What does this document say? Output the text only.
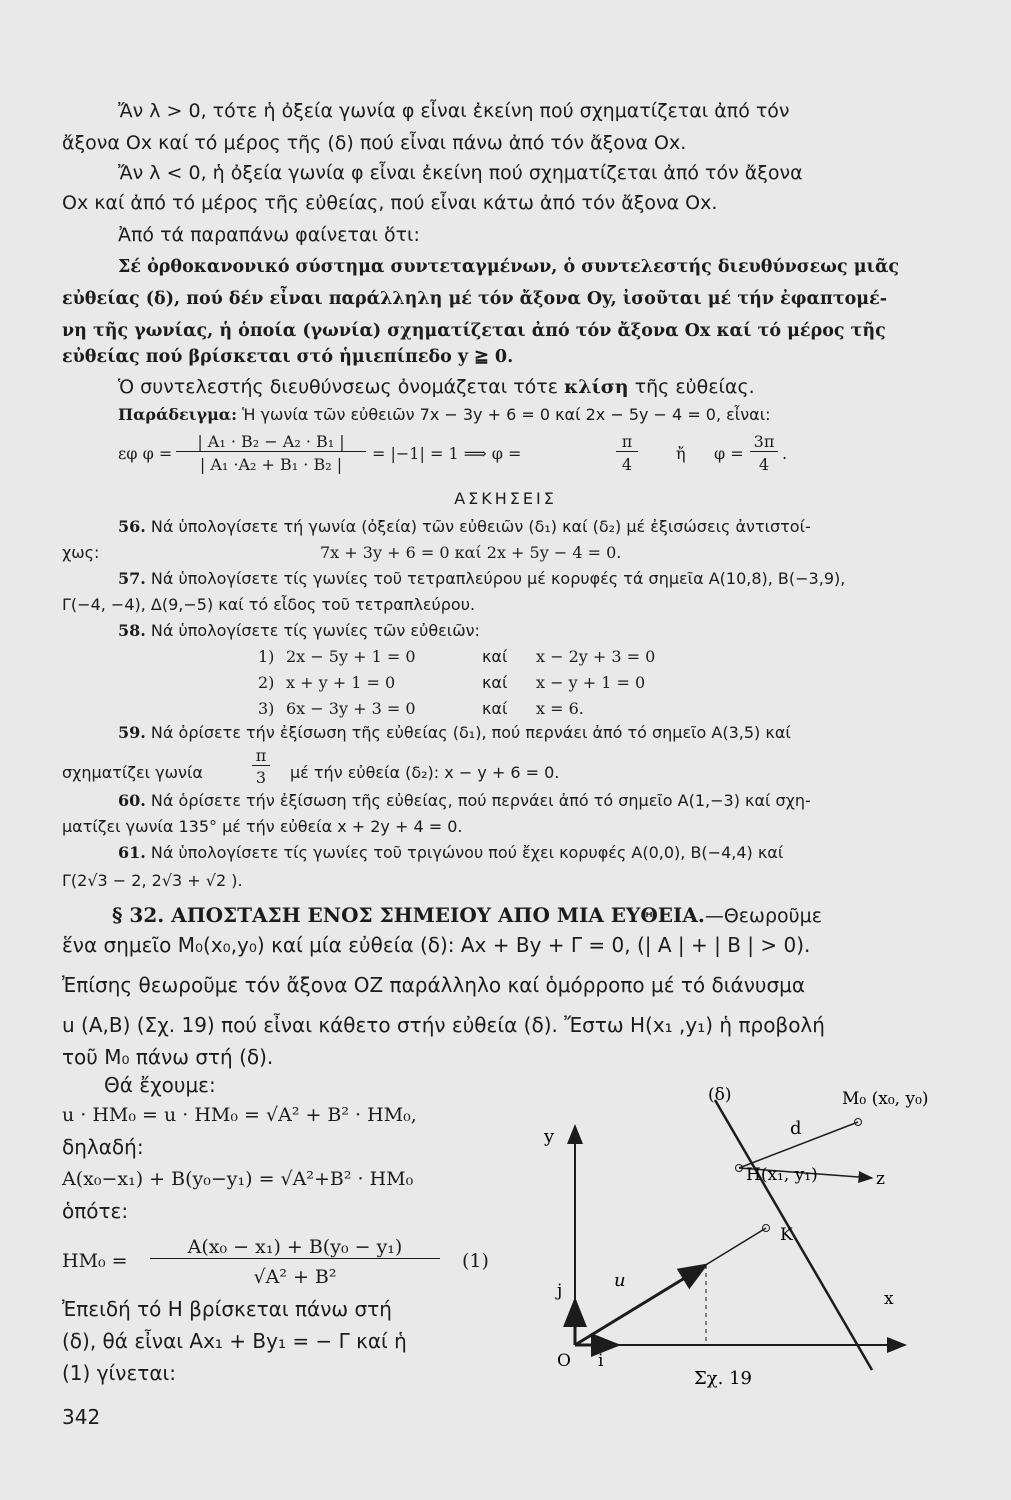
Ἄν λ > 0, τότε ἡ ὀξεία γωνία φ εἶναι ἐκείνη πού σχηματίζεται ἀπό τόν
ἄξονα Ox καί τό μέρος τῆς (δ) πού εἶναι πάνω ἀπό τόν ἄξονα Ox.
Ἄν λ < 0, ἡ ὀξεία γωνία φ εἶναι ἐκείνη πού σχηματίζεται ἀπό τόν ἄξονα
Ox καί ἀπό τό μέρος τῆς εὐθείας, πού εἶναι κάτω ἀπό τόν ἄξονα Ox.
Ἀπό τά παραπάνω φαίνεται ὅτι:
Σέ ὀρθοκανονικό σύστημα συντεταγμένων, ὁ συντελεστής διευθύνσεως μιᾶς
εὐθείας (δ), πού δέν εἶναι παράλληλη μέ τόν ἄξονα Oy, ἰσοῦται μέ τήν ἐφαπτομέ-
νη τῆς γωνίας, ἡ ὁποία (γωνία) σχηματίζεται ἀπό τόν ἄξονα Ox καί τό μέρος τῆς
εὐθείας πού βρίσκεται στό ἡμιεπίπεδο y ≧ 0.
Ὁ συντελεστής διευθύνσεως ὀνομάζεται τότε κλίση τῆς εὐθείας.
Παράδειγμα: Ἡ γωνία τῶν εὐθειῶν 7x − 3y + 6 = 0 καί 2x − 5y − 4 = 0, εἶναι:
εφ φ =
| A₁ · B₂ − A₂ · B₁ |
| A₁ ·A₂ + B₁ · B₂ |
= |−1| = 1 ⟹ φ =
π
4
ἤ φ =
3π
4
.
ΑΣΚΗΣΕΙΣ
56. Νά ὑπολογίσετε τή γωνία (ὀξεία) τῶν εὐθειῶν (δ₁) καί (δ₂) μέ ἐξισώσεις ἀντιστοί-
χως:	7x + 3y + 6 = 0 καί 2x + 5y − 4 = 0.
57. Νά ὑπολογίσετε τίς γωνίες τοῦ τετραπλεύρου μέ κορυφές τά σημεῖα A(10,8), B(−3,9),
Γ(−4, −4), Δ(9,−5) καί τό εἶδος τοῦ τετραπλεύρου.
58. Νά ὑπολογίσετε τίς γωνίες τῶν εὐθειῶν:
1) 2x − 5y + 1 = 0	καί x − 2y + 3 = 0
2) x + y + 1 = 0	καί x − y + 1 = 0
3) 6x − 3y + 3 = 0	καί x = 6.
59. Νά ὁρίσετε τήν ἐξίσωση τῆς εὐθείας (δ₁), πού περνάει ἀπό τό σημεῖο A(3,5) καί
σχηματίζει γωνία
π
3 μέ τήν εὐθεία (δ₂): x − y + 6 = 0.
60. Νά ὁρίσετε τήν ἐξίσωση τῆς εὐθείας, πού περνάει ἀπό τό σημεῖο A(1,−3) καί σχη-
ματίζει γωνία 135° μέ τήν εὐθεία x + 2y + 4 = 0.
61. Νά ὑπολογίσετε τίς γωνίες τοῦ τριγώνου πού ἔχει κορυφές A(0,0), B(−4,4) καί
Γ(2√3 − 2, 2√3 + √2 ).
§ 32. ΑΠΟΣΤΑΣΗ ΕΝΟΣ ΣΗΜΕΙΟΥ ΑΠΟ ΜΙΑ ΕΥΘΕΙΑ.—Θεωροῦμε
ἕνα σημεῖο M₀(x₀,y₀) καί μία εὐθεία (δ): Ax + By + Γ = 0, (| A | + | B | > 0).
Ἐπίσης θεωροῦμε τόν ἄξονα OZ παράλληλο καί ὁμόρροπο μέ τό διάνυσμα
u (A,B) (Σχ. 19) πού εἶναι κάθετο στήν εὐθεία (δ). Ἔστω H(x₁ ,y₁) ἡ προβολή
τοῦ M₀ πάνω στή (δ).
Θά ἔχουμε:
u · HM₀ = u · HM₀ = √A² + B² · HM₀,
δηλαδή:
A(x₀−x₁) + B(y₀−y₁) = √A²+B² · HM₀
ὁπότε:
HM₀ =
A(x₀ − x₁) + B(y₀ − y₁)
√A² + B²
(1)
Ἐπειδή τό H βρίσκεται πάνω στή
(δ), θά εἶναι Ax₁ + By₁ = − Γ καί ἡ
(1) γίνεται:
(δ)	M₀ (x₀, y₀)
d
y
H(x₁, y₁)	z
K
u
j	x
O i
Σχ. 19
342
